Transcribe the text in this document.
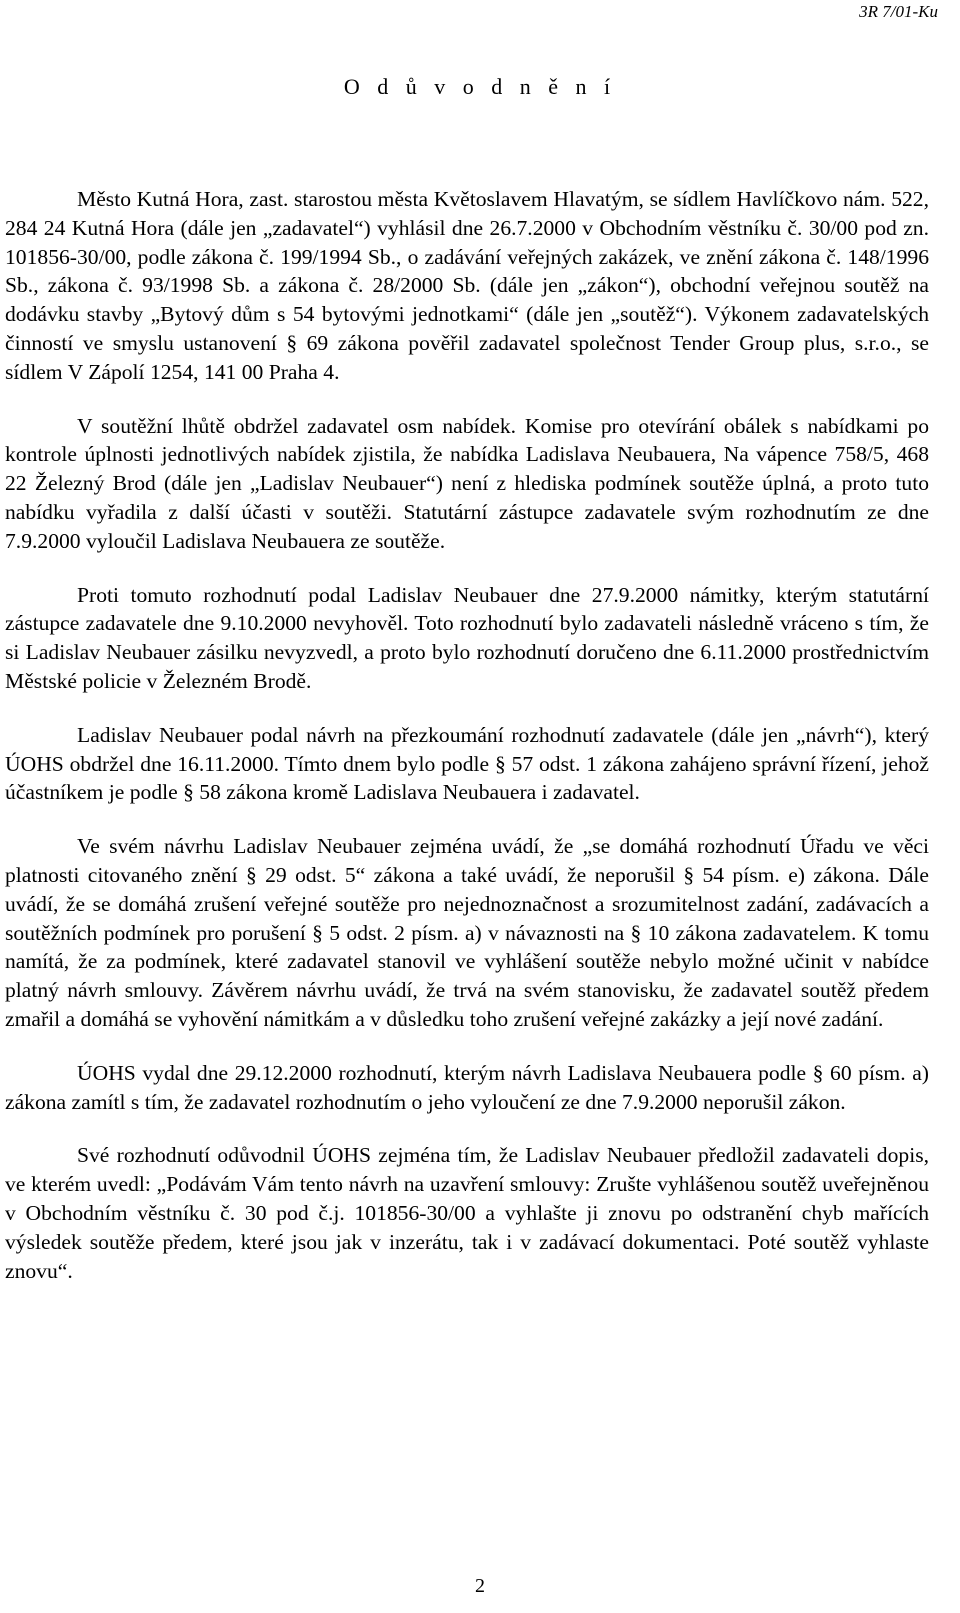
3R 7/01-Ku
O d ů v o d n ě n í

Město Kutná Hora, zast. starostou města Květoslavem Hlavatým, se sídlem Havlíčkovo nám. 522, 284 24 Kutná Hora (dále jen „zadavatel“) vyhlásil dne 26.7.2000 v Obchodním věstníku č. 30/00 pod zn. 101856-30/00, podle zákona č. 199/1994 Sb., o zadávání veřejných zakázek, ve znění zákona č. 148/1996 Sb., zákona č. 93/1998 Sb. a zákona č. 28/2000 Sb. (dále jen „zákon“), obchodní veřejnou soutěž na dodávku stavby „Bytový dům s 54 bytovými jednotkami“ (dále jen „soutěž“). Výkonem zadavatelských činností ve smyslu ustanovení § 69 zákona pověřil zadavatel společnost Tender Group plus, s.r.o., se sídlem V Zápolí 1254, 141 00 Praha 4.

V soutěžní lhůtě obdržel zadavatel osm nabídek. Komise pro otevírání obálek s nabídkami po kontrole úplnosti jednotlivých nabídek zjistila, že nabídka Ladislava Neubauera, Na vápence 758/5, 468 22 Železný Brod (dále jen „Ladislav Neubauer“) není z hlediska podmínek soutěže úplná, a proto tuto nabídku vyřadila z další účasti v soutěži. Statutární zástupce zadavatele svým rozhodnutím ze dne 7.9.2000 vyloučil Ladislava Neubauera ze soutěže.

Proti tomuto rozhodnutí podal Ladislav Neubauer dne 27.9.2000 námitky, kterým statutární zástupce zadavatele dne 9.10.2000 nevyhověl. Toto rozhodnutí bylo zadavateli následně vráceno s tím, že si Ladislav Neubauer zásilku nevyzvedl, a proto bylo rozhodnutí doručeno dne 6.11.2000 prostřednictvím Městské policie v Železném Brodě.

Ladislav Neubauer podal návrh na přezkoumání rozhodnutí zadavatele (dále jen „návrh“), který ÚOHS obdržel dne 16.11.2000. Tímto dnem bylo podle § 57 odst. 1 zákona zahájeno správní řízení, jehož účastníkem je podle § 58 zákona kromě Ladislava Neubauera i zadavatel.

Ve svém návrhu Ladislav Neubauer zejména uvádí, že „se domáhá rozhodnutí Úřadu ve věci platnosti citovaného znění § 29 odst. 5“ zákona a také uvádí, že neporušil § 54 písm. e) zákona. Dále uvádí, že se domáhá zrušení veřejné soutěže pro nejednoznačnost a srozumitelnost zadání, zadávacích a soutěžních podmínek pro porušení § 5 odst. 2 písm. a) v návaznosti na § 10 zákona zadavatelem. K tomu namítá, že za podmínek, které zadavatel stanovil ve vyhlášení soutěže nebylo možné učinit v nabídce platný návrh smlouvy. Závěrem návrhu uvádí, že trvá na svém stanovisku, že zadavatel soutěž předem zmařil a domáhá se vyhovění námitkám a v důsledku toho zrušení veřejné zakázky a její nové zadání.

ÚOHS vydal dne 29.12.2000 rozhodnutí, kterým návrh Ladislava Neubauera podle § 60 písm. a) zákona zamítl s tím, že zadavatel rozhodnutím o jeho vyloučení ze dne 7.9.2000 neporušil zákon.

Své rozhodnutí odůvodnil ÚOHS zejména tím, že Ladislav Neubauer předložil zadavateli dopis, ve kterém uvedl: „Podávám Vám tento návrh na uzavření smlouvy: Zrušte vyhlášenou soutěž uveřejněnou v Obchodním věstníku č. 30 pod č.j. 101856-30/00 a vyhlašte ji znovu po odstranění chyb mařících výsledek soutěže předem, které jsou jak v inzerátu, tak i v zadávací dokumentaci. Poté soutěž vyhlaste znovu“.

2
